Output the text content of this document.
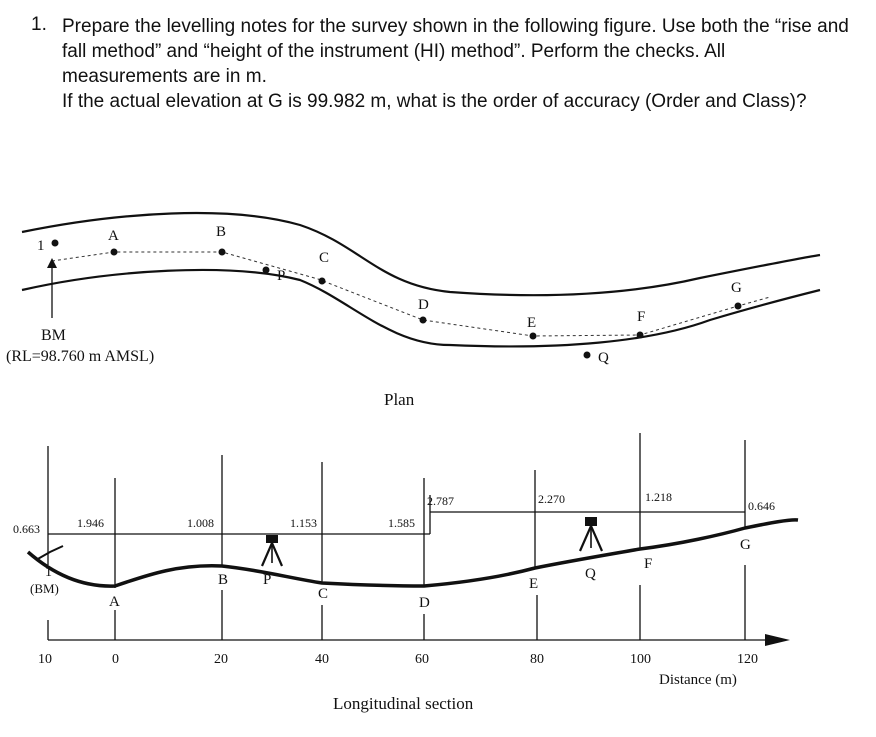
1. Prepare the levelling notes for the survey shown in the following figure. Use both the “rise and fall method” and “height of the instrument (HI) method”. Perform the checks. All measurements are in m.

If the actual elevation at G is 99.982 m, what is the order of accuracy (Order and Class)?

1
BM
(RL=98.760 m AMSL)
A	B
P
C
D
E
Q
F
G
Plan
0.663	1.946	1.008	1.153	1.585
2.787	2.270	1.218
0.646
1
(BM)
A
B P
C
D
E
Q
F
G
10	0	20	40	60	80	100	120
Distance (m)
Longitudinal section
